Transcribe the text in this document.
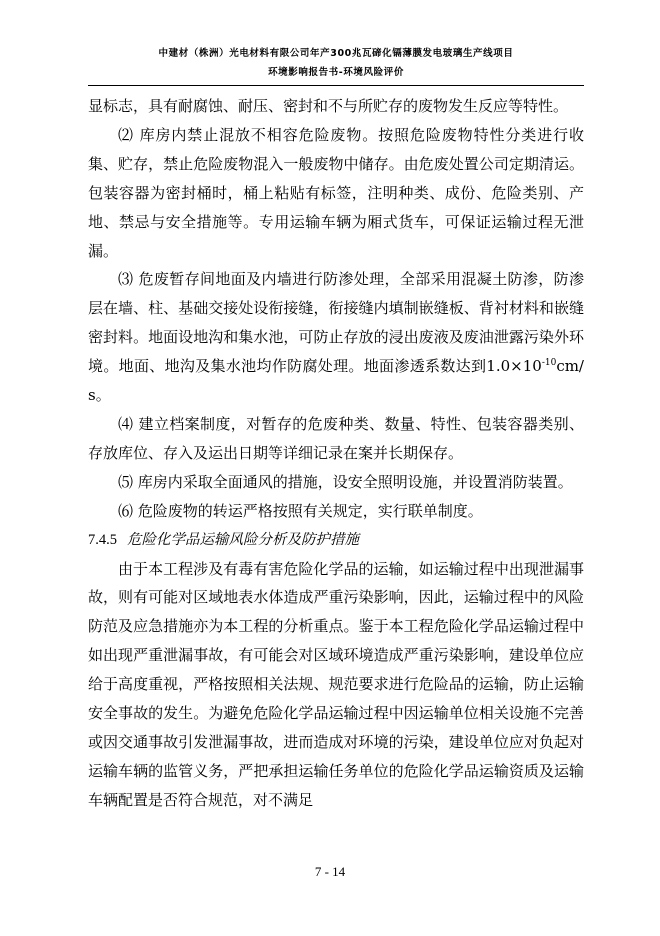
中建材（株洲）光电材料有限公司年产300兆瓦碲化镉薄膜发电玻璃生产线项目
环境影响报告书-环境风险评价

显标志，具有耐腐蚀、耐压、密封和不与所贮存的废物发生反应等特性。

⑵ 库房内禁止混放不相容危险废物。按照危险废物特性分类进行收集、贮存，禁止危险废物混入一般废物中储存。由危废处置公司定期清运。包装容器为密封桶时，桶上粘贴有标签，注明种类、成份、危险类别、产地、禁忌与安全措施等。专用运输车辆为厢式货车，可保证运输过程无泄漏。

⑶ 危废暂存间地面及内墙进行防渗处理，全部采用混凝土防渗，防渗层在墙、柱、基础交接处设衔接缝，衔接缝内填制嵌缝板、背衬材料和嵌缝密封料。地面设地沟和集水池，可防止存放的浸出废液及废油泄露污染外环境。地面、地沟及集水池均作防腐处理。地面渗透系数达到$1.0\times 10^{-10}cm/s$。

⑷ 建立档案制度，对暂存的危废种类、数量、特性、包装容器类别、存放库位、存入及运出日期等详细记录在案并长期保存。

⑸ 库房内采取全面通风的措施，设安全照明设施，并设置消防装置。

⑹ 危险废物的转运严格按照有关规定，实行联单制度。

7.4.5 危险化学品运输风险分析及防护措施

由于本工程涉及有毒有害危险化学品的运输，如运输过程中出现泄漏事故，则有可能对区域地表水体造成严重污染影响，因此，运输过程中的风险防范及应急措施亦为本工程的分析重点。鉴于本工程危险化学品运输过程中如出现严重泄漏事故，有可能会对区域环境造成严重污染影响，建设单位应给于高度重视，严格按照相关法规、规范要求进行危险品的运输，防止运输安全事故的发生。为避免危险化学品运输过程中因运输单位相关设施不完善或因交通事故引发泄漏事故，进而造成对环境的污染，建设单位应对负起对运输车辆的监管义务，严把承担运输任务单位的危险化学品运输资质及运输车辆配置是否符合规范，对不满足

7 - 14
